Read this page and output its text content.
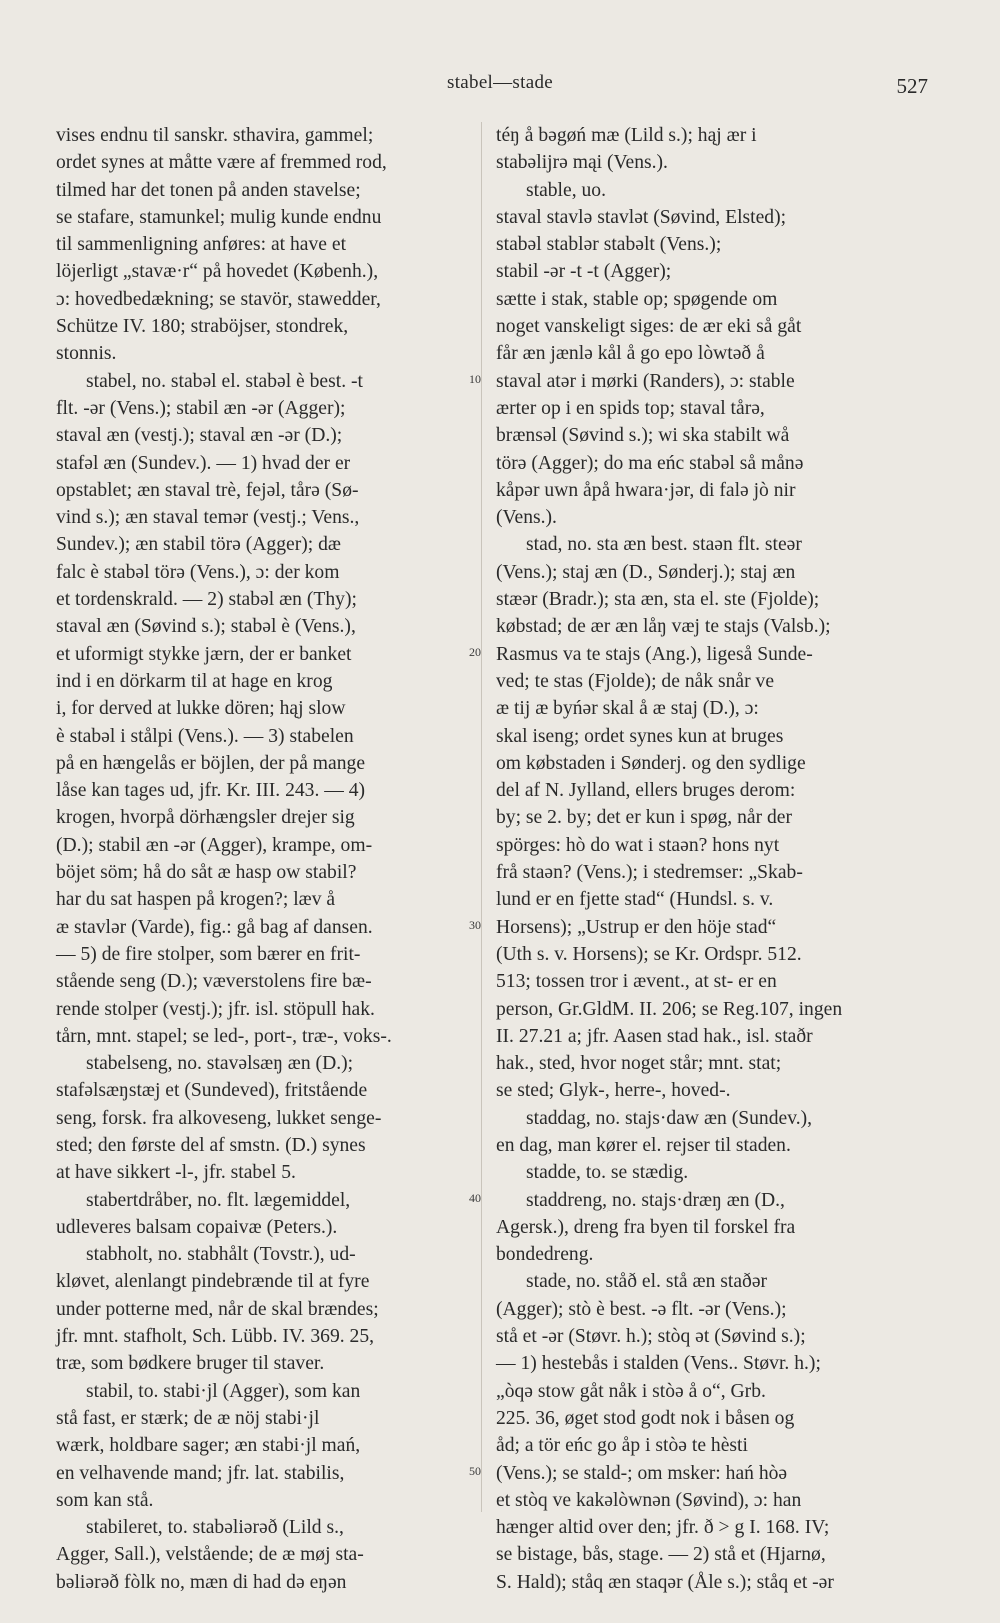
stabel—stade	527
vises endnu til sanskr. sthavira, gammel;
ordet synes at måtte være af fremmed rod,
tilmed har det tonen på anden stavelse;
se stafare, stamunkel; mulig kunde endnu
til sammenligning anføres: at have et
löjerligt „stavæ·r“ på hovedet (Københ.),
ɔ: hovedbedækning; se stavör, stawedder,
Schütze IV. 180; straböjser, stondrek,
stonnis.
stabel, no. stabəl el. stabəl è best. -t
flt. -ər (Vens.); stabil æn -ər (Agger);
staval æn (vestj.); staval æn -ər (D.);
stafəl æn (Sundev.). — 1) hvad der er
opstablet; æn staval trè, fejəl, tårə (Sø-
vind s.); æn staval temər (vestj.; Vens.,
Sundev.); æn stabil törə (Agger); dæ
falc è stabəl törə (Vens.), ɔ: der kom
et tordenskrald. — 2) stabəl æn (Thy);
staval æn (Søvind s.); stabəl è (Vens.),
et uformigt stykke jærn, der er banket
ind i en dörkarm til at hage en krog
i, for derved at lukke dören; hąj slow
è stabəl i stålpi (Vens.). — 3) stabelen
på en hængelås er böjlen, der på mange
låse kan tages ud, jfr. Kr. III. 243. — 4)
krogen, hvorpå dörhængsler drejer sig
(D.); stabil æn -ər (Agger), krampe, om-
böjet söm; hå do såt æ hasp ow stabil?
har du sat haspen på krogen?; læv å
æ stavlər (Varde), fig.: gå bag af dansen.
— 5) de fire stolper, som bærer en frit-
stående seng (D.); væverstolens fire bæ-
rende stolper (vestj.); jfr. isl. stöpull hak.
tårn, mnt. stapel; se led-, port-, træ-, voks-.
stabelseng, no. stavəlsæŋ æn (D.);
stafəlsæŋstæj et (Sundeved), fritstående
seng, forsk. fra alkoveseng, lukket senge-
sted; den første del af smstn. (D.) synes
at have sikkert -l-, jfr. stabel 5.
stabertdråber, no. flt. lægemiddel,
udleveres balsam copaivæ (Peters.).
stabholt, no. stabhålt (Tovstr.), ud-
kløvet, alenlangt pindebrænde til at fyre
under potterne med, når de skal brændes;
jfr. mnt. stafholt, Sch. Lübb. IV. 369. 25,
træ, som bødkere bruger til staver.
stabil, to. stabi·jl (Agger), som kan
stå fast, er stærk; de æ nöj stabi·jl
wærk, holdbare sager; æn stabi·jl mań,
en velhavende mand; jfr. lat. stabilis,
som kan stå.
stabileret, to. stabəliərəð (Lild s.,
Agger, Sall.), velstående; de æ møj sta-
bəliərəð fòlk no, mæn di had də eŋən
téŋ å bəgøń mæ (Lild s.); hąj ær i
stabəlijrə mąi (Vens.).
stable, uo.
staval stavlə stavlət (Søvind, Elsted);
stabəl stablər stabəlt (Vens.);
stabil -ər -t -t (Agger);
sætte i stak, stable op; spøgende om
noget vanskeligt siges: de ær eki så gåt
får æn jænlə kål å go epo lòwtəð å
staval atər i mørki (Randers), ɔ: stable
ærter op i en spids top; staval tårə,
brænsəl (Søvind s.); wi ska stabilt wå
törə (Agger); do ma eńc stabəl så månə
kåpər uwn åpå hwara·jər, di falə jò nir
(Vens.).
stad, no. sta æn best. staən flt. steər
(Vens.); staj æn (D., Sønderj.); staj æn
stæər (Bradr.); sta æn, sta el. ste (Fjolde);
købstad; de ær æn låŋ væj te stajs (Valsb.);
Rasmus va te stajs (Ang.), ligeså Sunde-
ved; te stas (Fjolde); de nåk snår ve
æ tij æ byńər skal å æ staj (D.), ɔ:
skal iseng; ordet synes kun at bruges
om købstaden i Sønderj. og den sydlige
del af N. Jylland, ellers bruges derom:
by; se 2. by; det er kun i spøg, når der
spörges: hò do wat i staən? hons nyt
frå staən? (Vens.); i stedremser: „Skab-
lund er en fjette stad“ (Hundsl. s. v.
Horsens); „Ustrup er den höje stad“
(Uth s. v. Horsens); se Kr. Ordspr. 512.
513; tossen tror i ævent., at st- er en
person, Gr.GldM. II. 206; se Reg.107, ingen
II. 27.21 a; jfr. Aasen stad hak., isl. staðr
hak., sted, hvor noget står; mnt. stat;
se sted; Glyk-, herre-, hoved-.
staddag, no. stajs·daw æn (Sundev.),
en dag, man kører el. rejser til staden.
stadde, to. se stædig.
staddreng, no. stajs·dræŋ æn (D.,
Agersk.), dreng fra byen til forskel fra
bondedreng.
stade, no. ståð el. stå æn staðər
(Agger); stò è best. -ə flt. -ər (Vens.);
stå et -ər (Støvr. h.); stòq ət (Søvind s.);
— 1) hestebås i stalden (Vens.. Støvr. h.);
„òqə stow gåt nåk i stòə å o“, Grb.
225. 36, øget stod godt nok i båsen og
åd; a tör eńc go åp i stòə te hèsti
(Vens.); se stald-; om msker: hań hòə
et stòq ve kakəlòwnən (Søvind), ɔ: han
hænger altid over den; jfr. ð > g I. 168. IV;
se bistage, bås, stage. — 2) stå et (Hjarnø,
S. Hald); ståq æn staqər (Åle s.); ståq et -ər
10
20
30
40
50
